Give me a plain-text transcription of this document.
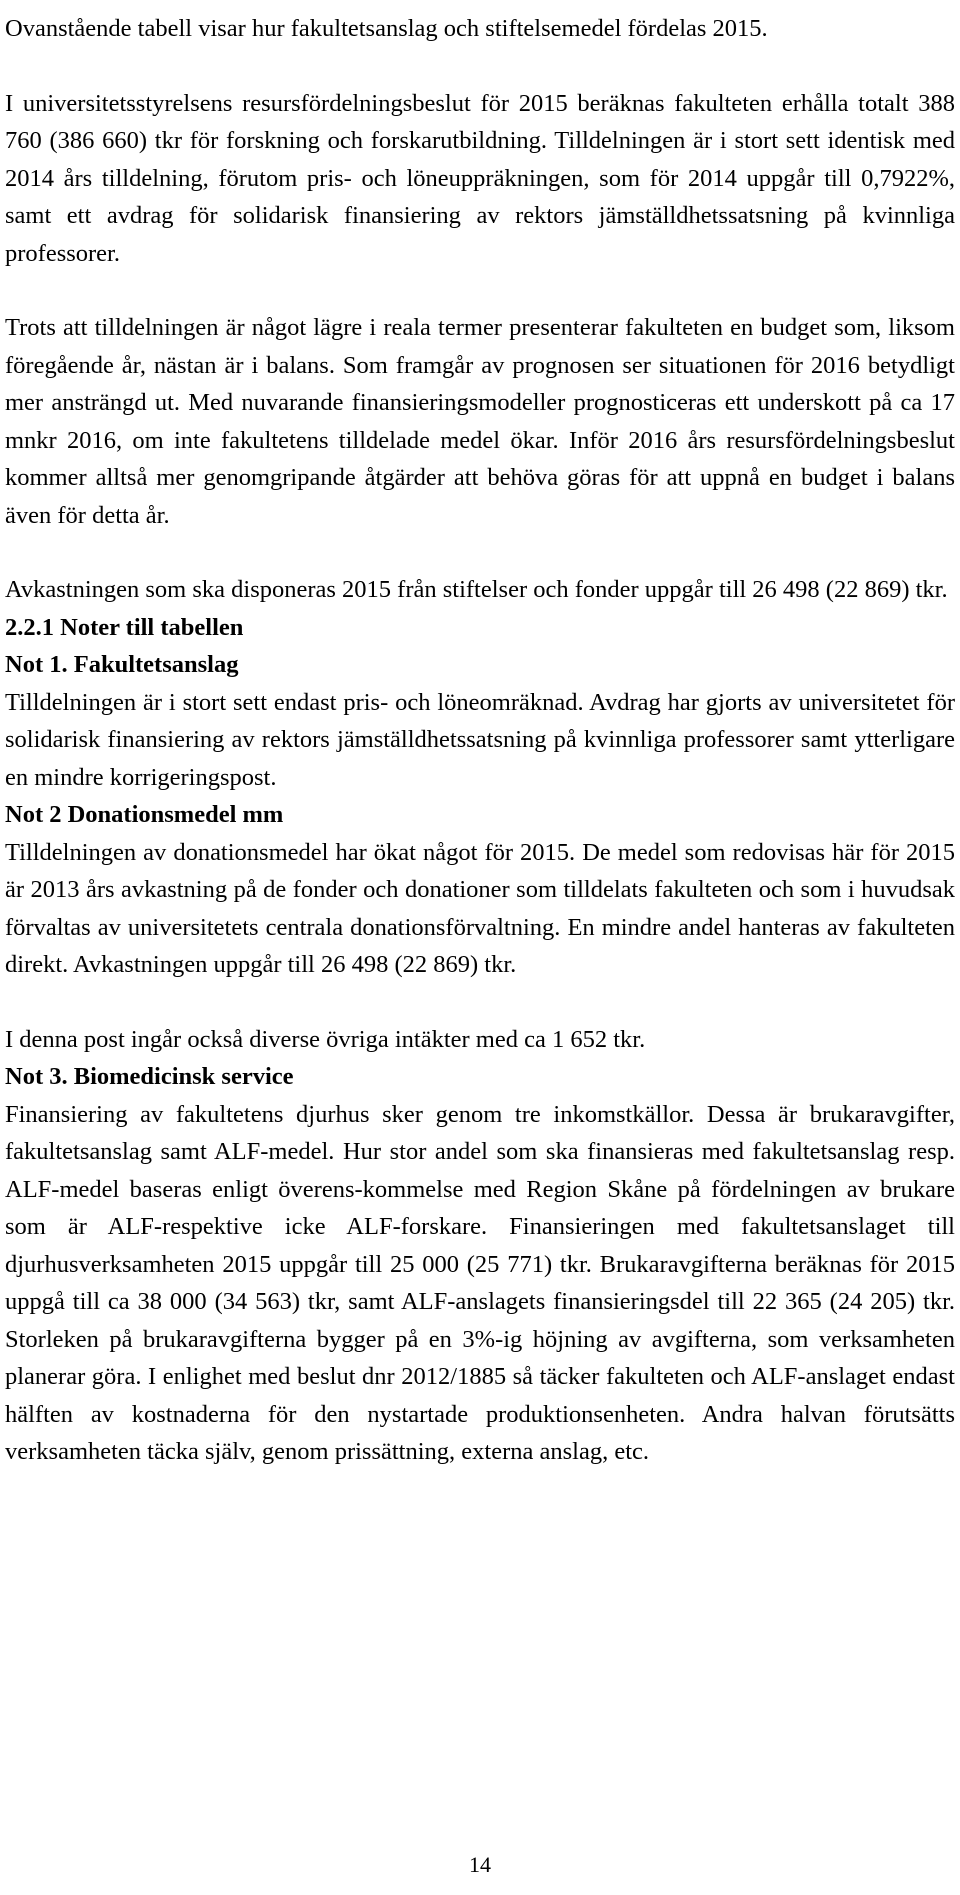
Ovanstående tabell visar hur fakultetsanslag och stiftelsemedel fördelas 2015.

I universitetsstyrelsens resursfördelningsbeslut för 2015 beräknas fakulteten erhålla totalt 388 760 (386 660) tkr för forskning och forskarutbildning. Tilldelningen är i stort sett identisk med 2014 års tilldelning, förutom pris- och löneuppräkningen, som för 2014 uppgår till 0,7922%, samt ett avdrag för solidarisk finansiering av rektors jämställdhetssatsning på kvinnliga professorer.

Trots att tilldelningen är något lägre i reala termer presenterar fakulteten en budget som, liksom föregående år, nästan är i balans. Som framgår av prognosen ser situationen för 2016 betydligt mer ansträngd ut. Med nuvarande finansieringsmodeller prognosticeras ett underskott på ca 17 mnkr 2016, om inte fakultetens tilldelade medel ökar. Inför 2016 års resursfördelningsbeslut kommer alltså mer genomgripande åtgärder att behöva göras för att uppnå en budget i balans även för detta år.

Avkastningen som ska disponeras 2015 från stiftelser och fonder uppgår till 26 498 (22 869) tkr.

2.2.1 Noter till tabellen

Not 1. Fakultetsanslag

Tilldelningen är i stort sett endast pris- och löneomräknad. Avdrag har gjorts av universitetet för solidarisk finansiering av rektors jämställdhetssatsning på kvinnliga professorer samt ytterligare en mindre korrigeringspost.

Not 2 Donationsmedel mm

Tilldelningen av donationsmedel har ökat något för 2015. De medel som redovisas här för 2015 är 2013 års avkastning på de fonder och donationer som tilldelats fakulteten och som i huvudsak förvaltas av universitetets centrala donationsförvaltning. En mindre andel hanteras av fakulteten direkt. Avkastningen uppgår till 26 498 (22 869) tkr.

I denna post ingår också diverse övriga intäkter med ca 1 652 tkr.

Not 3. Biomedicinsk service

Finansiering av fakultetens djurhus sker genom tre inkomstkällor. Dessa är brukaravgifter, fakultetsanslag samt ALF-medel. Hur stor andel som ska finansieras med fakultetsanslag resp. ALF-medel baseras enligt överens-kommelse med Region Skåne på fördelningen av brukare som är ALF-respektive icke ALF-forskare. Finansieringen med fakultetsanslaget till djurhusverksamheten 2015 uppgår till 25 000 (25 771) tkr. Brukaravgifterna beräknas för 2015 uppgå till ca 38 000 (34 563) tkr, samt ALF-anslagets finansieringsdel till 22 365 (24 205) tkr. Storleken på brukaravgifterna bygger på en 3%-ig höjning av avgifterna, som verksamheten planerar göra. I enlighet med beslut dnr 2012/1885 så täcker fakulteten och ALF-anslaget endast hälften av kostnaderna för den nystartade produktionsenheten. Andra halvan förutsätts verksamheten täcka själv, genom prissättning, externa anslag, etc.

14
